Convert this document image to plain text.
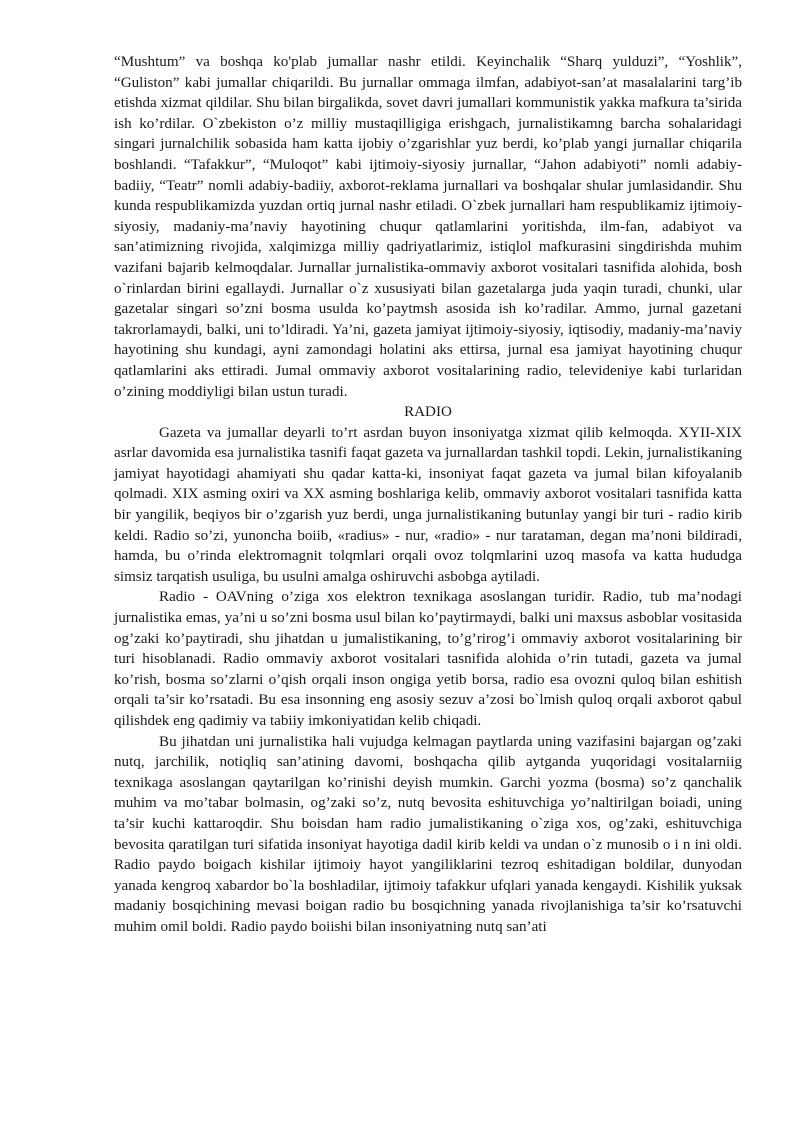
“Mushtum” va boshqa ko'plab jumallar nashr etildi. Keyinchalik “Sharq yulduzi”, “Yoshlik”, “Guliston” kabi jumallar chiqarildi. Bu jurnallar ommaga ilmfan, adabiyot-san’at masalalarini targ’ib etishda xizmat qildilar. Shu bilan birgalikda, sovet davri jumallari kommunistik yakka mafkura ta’sirida ish ko’rdilar. O`zbekiston o’z milliy mustaqilligiga erishgach, jurnalistikamng barcha sohalaridagi singari jurnalchilik sobasida ham katta ijobiy o’zgarishlar yuz berdi, ko’plab yangi jurnallar chiqarila boshlandi. “Tafakkur”, “Muloqot” kabi ijtimoiy-siyosiy jurnallar, “Jahon adabiyoti” nomli adabiy-badiiy, “Teatr” nomli adabiy-badiiy, axborot-reklama jurnallari va boshqalar shular jumlasidandir. Shu kunda respublikamizda yuzdan ortiq jurnal nashr etiladi. O`zbek jurnallari ham respublikamiz ijtimoiy-siyosiy, madaniy-ma’naviy hayotining chuqur qatlamlarini yoritishda, ilm-fan, adabiyot va san’atimizning rivojida, xalqimizga milliy qadriyatlarimiz, istiqlol mafkurasini singdirishda muhim vazifani bajarib kelmoqdalar. Jurnallar jurnalistika-ommaviy axborot vositalari tasnifida alohida, bosh o`rinlardan birini egallaydi. Jurnallar o`z xususiyati bilan gazetalarga juda yaqin turadi, chunki, ular gazetalar singari so’zni bosma usulda ko’paytmsh asosida ish ko’radilar. Ammo, jurnal gazetani takrorlamaydi, balki, uni to’ldiradi. Ya’ni, gazeta jamiyat ijtimoiy-siyosiy, iqtisodiy, madaniy-ma’naviy hayotining shu kundagi, ayni zamondagi holatini aks ettirsa, jurnal esa jamiyat hayotining chuqur qatlamlarini aks ettiradi. Jumal ommaviy axborot vositalarining radio, televideniye kabi turlaridan o’zining moddiyligi bilan ustun turadi.

RADIO

Gazeta va jumallar deyarli to’rt asrdan buyon insoniyatga xizmat qilib kelmoqda. XYII-XIX asrlar davomida esa jurnalistika tasnifi faqat gazeta va jurnallardan tashkil topdi. Lekin, jurnalistikaning jamiyat hayotidagi ahamiyati shu qadar katta-ki, insoniyat faqat gazeta va jumal bilan kifoyalanib qolmadi. XIX asming oxiri va XX asming boshlariga kelib, ommaviy axborot vositalari tasnifida katta bir yangilik, beqiyos bir o’zgarish yuz berdi, unga jurnalistikaning butunlay yangi bir turi - radio kirib keldi. Radio so’zi, yunoncha boiib, «radius» - nur, «radio» - nur tarataman, degan ma’noni bildiradi, hamda, bu o’rinda elektromagnit tolqmlari orqali ovoz tolqmlarini uzoq masofa va katta hududga simsiz tarqatish usuliga, bu usulni amalga oshiruvchi asbobga aytiladi.

Radio - OAVning o’ziga xos elektron texnikaga asoslangan turidir. Radio, tub ma’nodagi jurnalistika emas, ya’ni u so’zni bosma usul bilan ko’paytirmaydi, balki uni maxsus asboblar vositasida og’zaki ko’paytiradi, shu jihatdan u jumalistikaning, to’g’rirog’i ommaviy axborot vositalarining bir turi hisoblanadi. Radio ommaviy axborot vositalari tasnifida alohida o’rin tutadi, gazeta va jumal ko’rish, bosma so’zlarni o’qish orqali inson ongiga yetib borsa, radio esa ovozni quloq bilan eshitish orqali ta’sir ko’rsatadi. Bu esa insonning eng asosiy sezuv a’zosi bo`lmish quloq orqali axborot qabul qilishdek eng qadimiy va tabiiy imkoniyatidan kelib chiqadi.

Bu jihatdan uni jurnalistika hali vujudga kelmagan paytlarda uning vazifasini bajargan og’zaki nutq, jarchilik, notiqliq san’atining davomi, boshqacha qilib aytganda yuqoridagi vositalarniig texnikaga asoslangan qaytarilgan ko’rinishi deyish mumkin. Garchi yozma (bosma) so’z qanchalik muhim va mo’tabar bolmasin, og’zaki so’z, nutq bevosita eshituvchiga yo’naltirilgan boiadi, uning ta’sir kuchi kattaroqdir. Shu boisdan ham radio jumalistikaning o`ziga xos, og’zaki, eshituvchiga bevosita qaratilgan turi sifatida insoniyat hayotiga dadil kirib keldi va undan o`z munosib o i n ini oldi. Radio paydo boigach kishilar ijtimoiy hayot yangiliklarini tezroq eshitadigan boldilar, dunyodan yanada kengroq xabardor bo`la boshladilar, ijtimoiy tafakkur ufqlari yanada kengaydi. Kishilik yuksak madaniy bosqichining mevasi boigan radio bu bosqichning yanada rivojlanishiga ta’sir ko’rsatuvchi muhim omil boldi. Radio paydo boiishi bilan insoniyatning nutq san’ati
